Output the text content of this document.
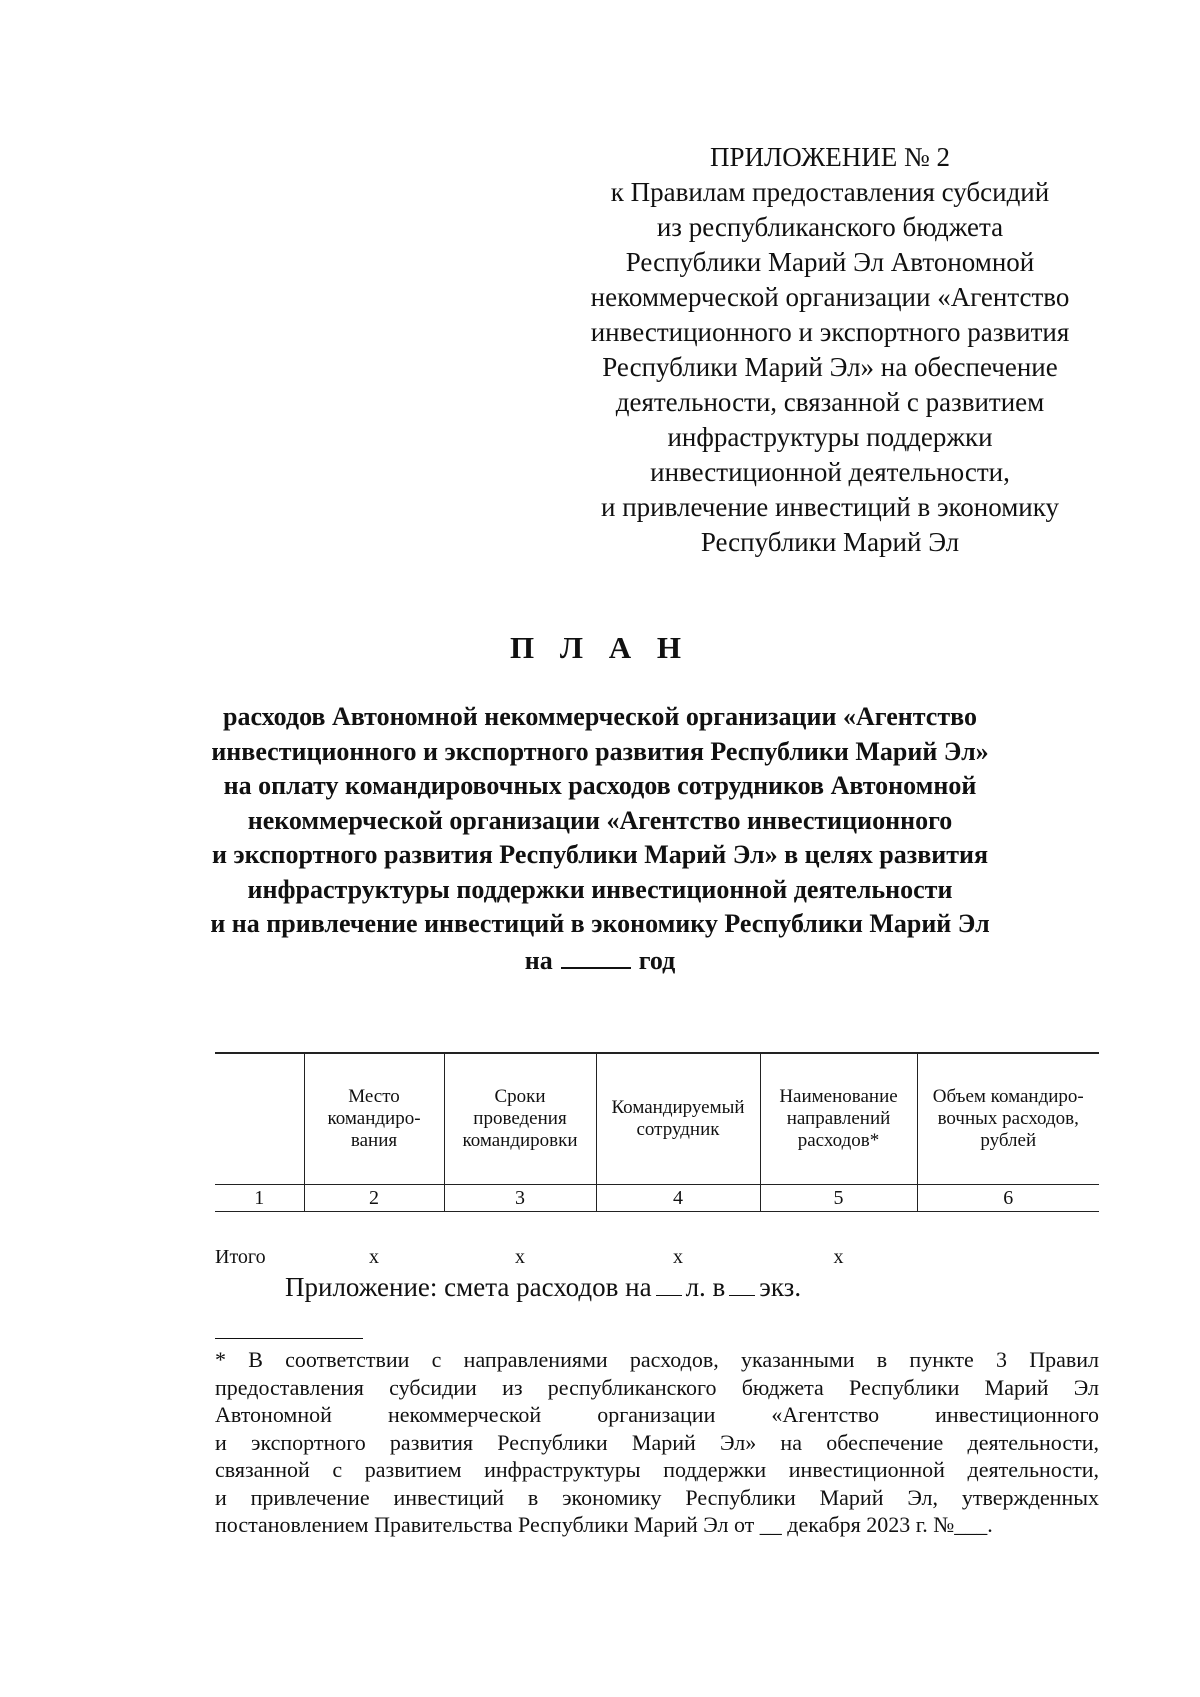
ПРИЛОЖЕНИЕ № 2
к Правилам предоставления субсидий
из республиканского бюджета
Республики Марий Эл Автономной
некоммерческой организации «Агентство
инвестиционного и экспортного развития
Республики Марий Эл» на обеспечение
деятельности, связанной с развитием
инфраструктуры поддержки
инвестиционной деятельности,
и привлечение инвестиций в экономику
Республики Марий Эл
П Л А Н
расходов Автономной некоммерческой организации «Агентство
инвестиционного и экспортного развития Республики Марий Эл»
на оплату командировочных расходов сотрудников Автономной
некоммерческой организации «Агентство инвестиционного
и экспортного развития Республики Марий Эл» в целях развития
инфраструктуры поддержки инвестиционной деятельности
и на привлечение инвестиций в экономику Республики Марий Эл
на	год
	Место командиро-вания	Сроки проведения командировки	Командируемый сотрудник	Наименование направлений расходов*	Объем командиро-вочных расходов, рублей
1	2	3	4	5	6
Итого	х	х	х	х	
Приложение: смета расходов на л. в экз.
* В соответствии с направлениями расходов, указанными в пункте 3 Правил
предоставления субсидии из республиканского бюджета Республики Марий Эл
Автономной некоммерческой организации «Агентство инвестиционного
и экспортного развития Республики Марий Эл» на обеспечение деятельности,
связанной с развитием инфраструктуры поддержки инвестиционной деятельности,
и привлечение инвестиций в экономику Республики Марий Эл, утвержденных
постановлением Правительства Республики Марий Эл от __ декабря 2023 г. №___.
